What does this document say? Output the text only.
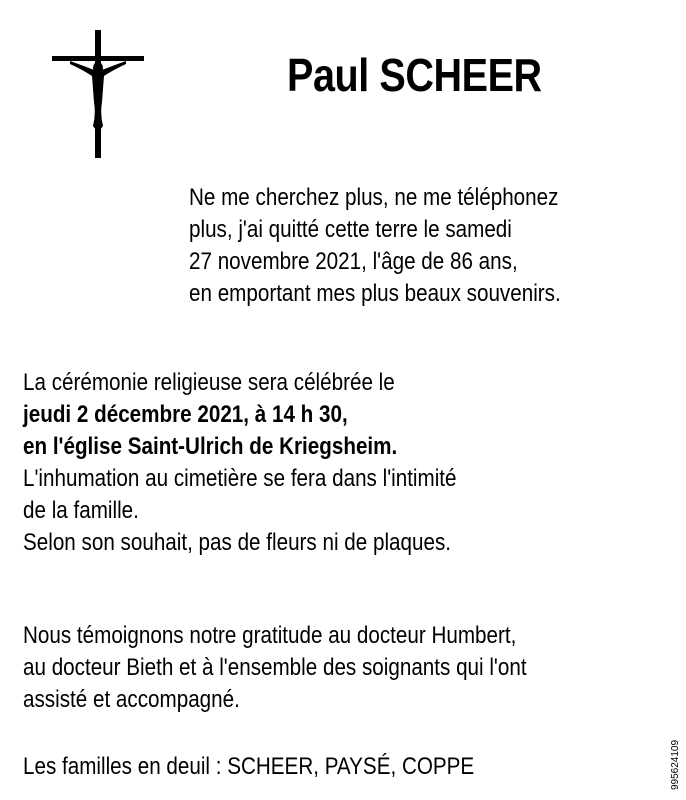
Paul SCHEER
Ne me cherchez plus, ne me téléphonez
plus, j'ai quitté cette terre le samedi
27 novembre 2021, l'âge de 86 ans,
en emportant mes plus beaux souvenirs.
La cérémonie religieuse sera célébrée le
jeudi 2 décembre 2021, à 14 h 30,
en l'église Saint-Ulrich de Kriegsheim.
L'inhumation au cimetière se fera dans l'intimité
de la famille.
Selon son souhait, pas de fleurs ni de plaques.
Nous témoignons notre gratitude au docteur Humbert,
au docteur Bieth et à l'ensemble des soignants qui l'ont
assisté et accompagné.
Les familles en deuil : SCHEER, PAYSÉ, COPPE	995624109
